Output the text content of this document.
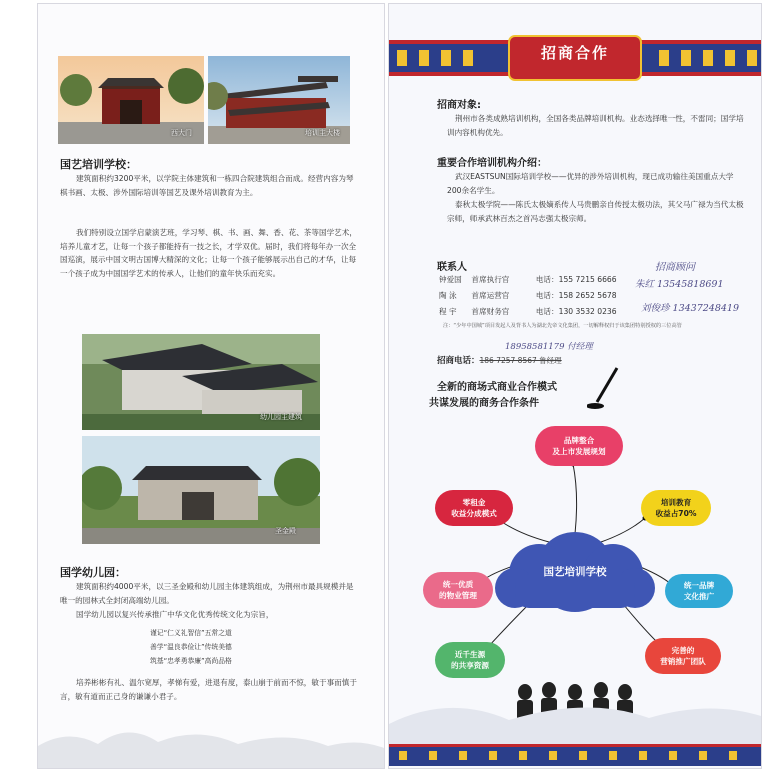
西大门	培训主大楼
国艺培训学校：
建筑面积约3200平米，以学院主体建筑和一栋四合院建筑组合而成。经营内容为琴棋书画、太极、涉外国际培训等国艺及课外培训教育为主。
我们特别设立国学启蒙演艺班，学习琴、棋、书、画、舞、香、花、茶等国学艺术，培养儿童才艺，让每一个孩子都能持有一技之长，才学双优。届时，我们将每年办一次全国巡演，展示中国文明古国博大精深的文化；让每一个孩子能够展示出自己的才华，让每一个孩子成为中国国学艺术的传承人，让他们的童年快乐而充实。
幼儿园主建筑
圣金殿
国学幼儿园：
建筑面积约4000平米，以三圣金殿和幼儿园主体建筑组成，为荆州市最具规模并是唯一的园林式全封闭高端幼儿园。
国学幼儿园以复兴传承推广中华文化优秀传统文化为宗旨，
谨记“仁义礼智信”五常之道
善学“温良恭俭让”传统美德
筑基“忠孝勇恭廉”高尚品格
培养彬彬有礼、温尔宽厚，孝悌有爱，进退有度，泰山崩于前而不惊，敏于事而慎于言，敏有道而正己身的谦谦小君子。
招商合作
招商对象:
荆州市各类成熟培训机构，全国各类品牌培训机构。业态选择唯一性，不雷同；国学培训内容机构优先。
重要合作培训机构介绍：
武汉EASTSUN国际培训学校——优异的涉外培训机构，现已成功输往美国重点大学200余名学生。
泰秋太极学院——陈氏太极嫡系传人马贵鹏亲自传授太极功法，其父马广禄为当代太极宗师，师承武林百杰之首冯志强太极宗师。
联系人
钟爱国 首席执行官	电话：155 7215 6666
陶 泳 首席运营官	电话：158 2652 5678
程 宇 首席财务官	电话：130 3532 0236
招商顾问
朱红 13545818691
刘俊珍 13437248419
注：“少年中国城”项目发起人及背书人为湖北先帝文化集团，一切解释权归于该集团特别授权的三位高管
18958581179 付经理
招商电话：186 7257 8567 鲁经理
全新的商场式商业合作模式
共谋发展的商务合作条件
国艺培训学校
品牌整合
及上市发展规划
零租金
收益分成模式
培训教育
收益占70%
统一优质
的物业管理
统一品牌
文化推广
近千生源
的共享资源
完善的
营销推广团队
